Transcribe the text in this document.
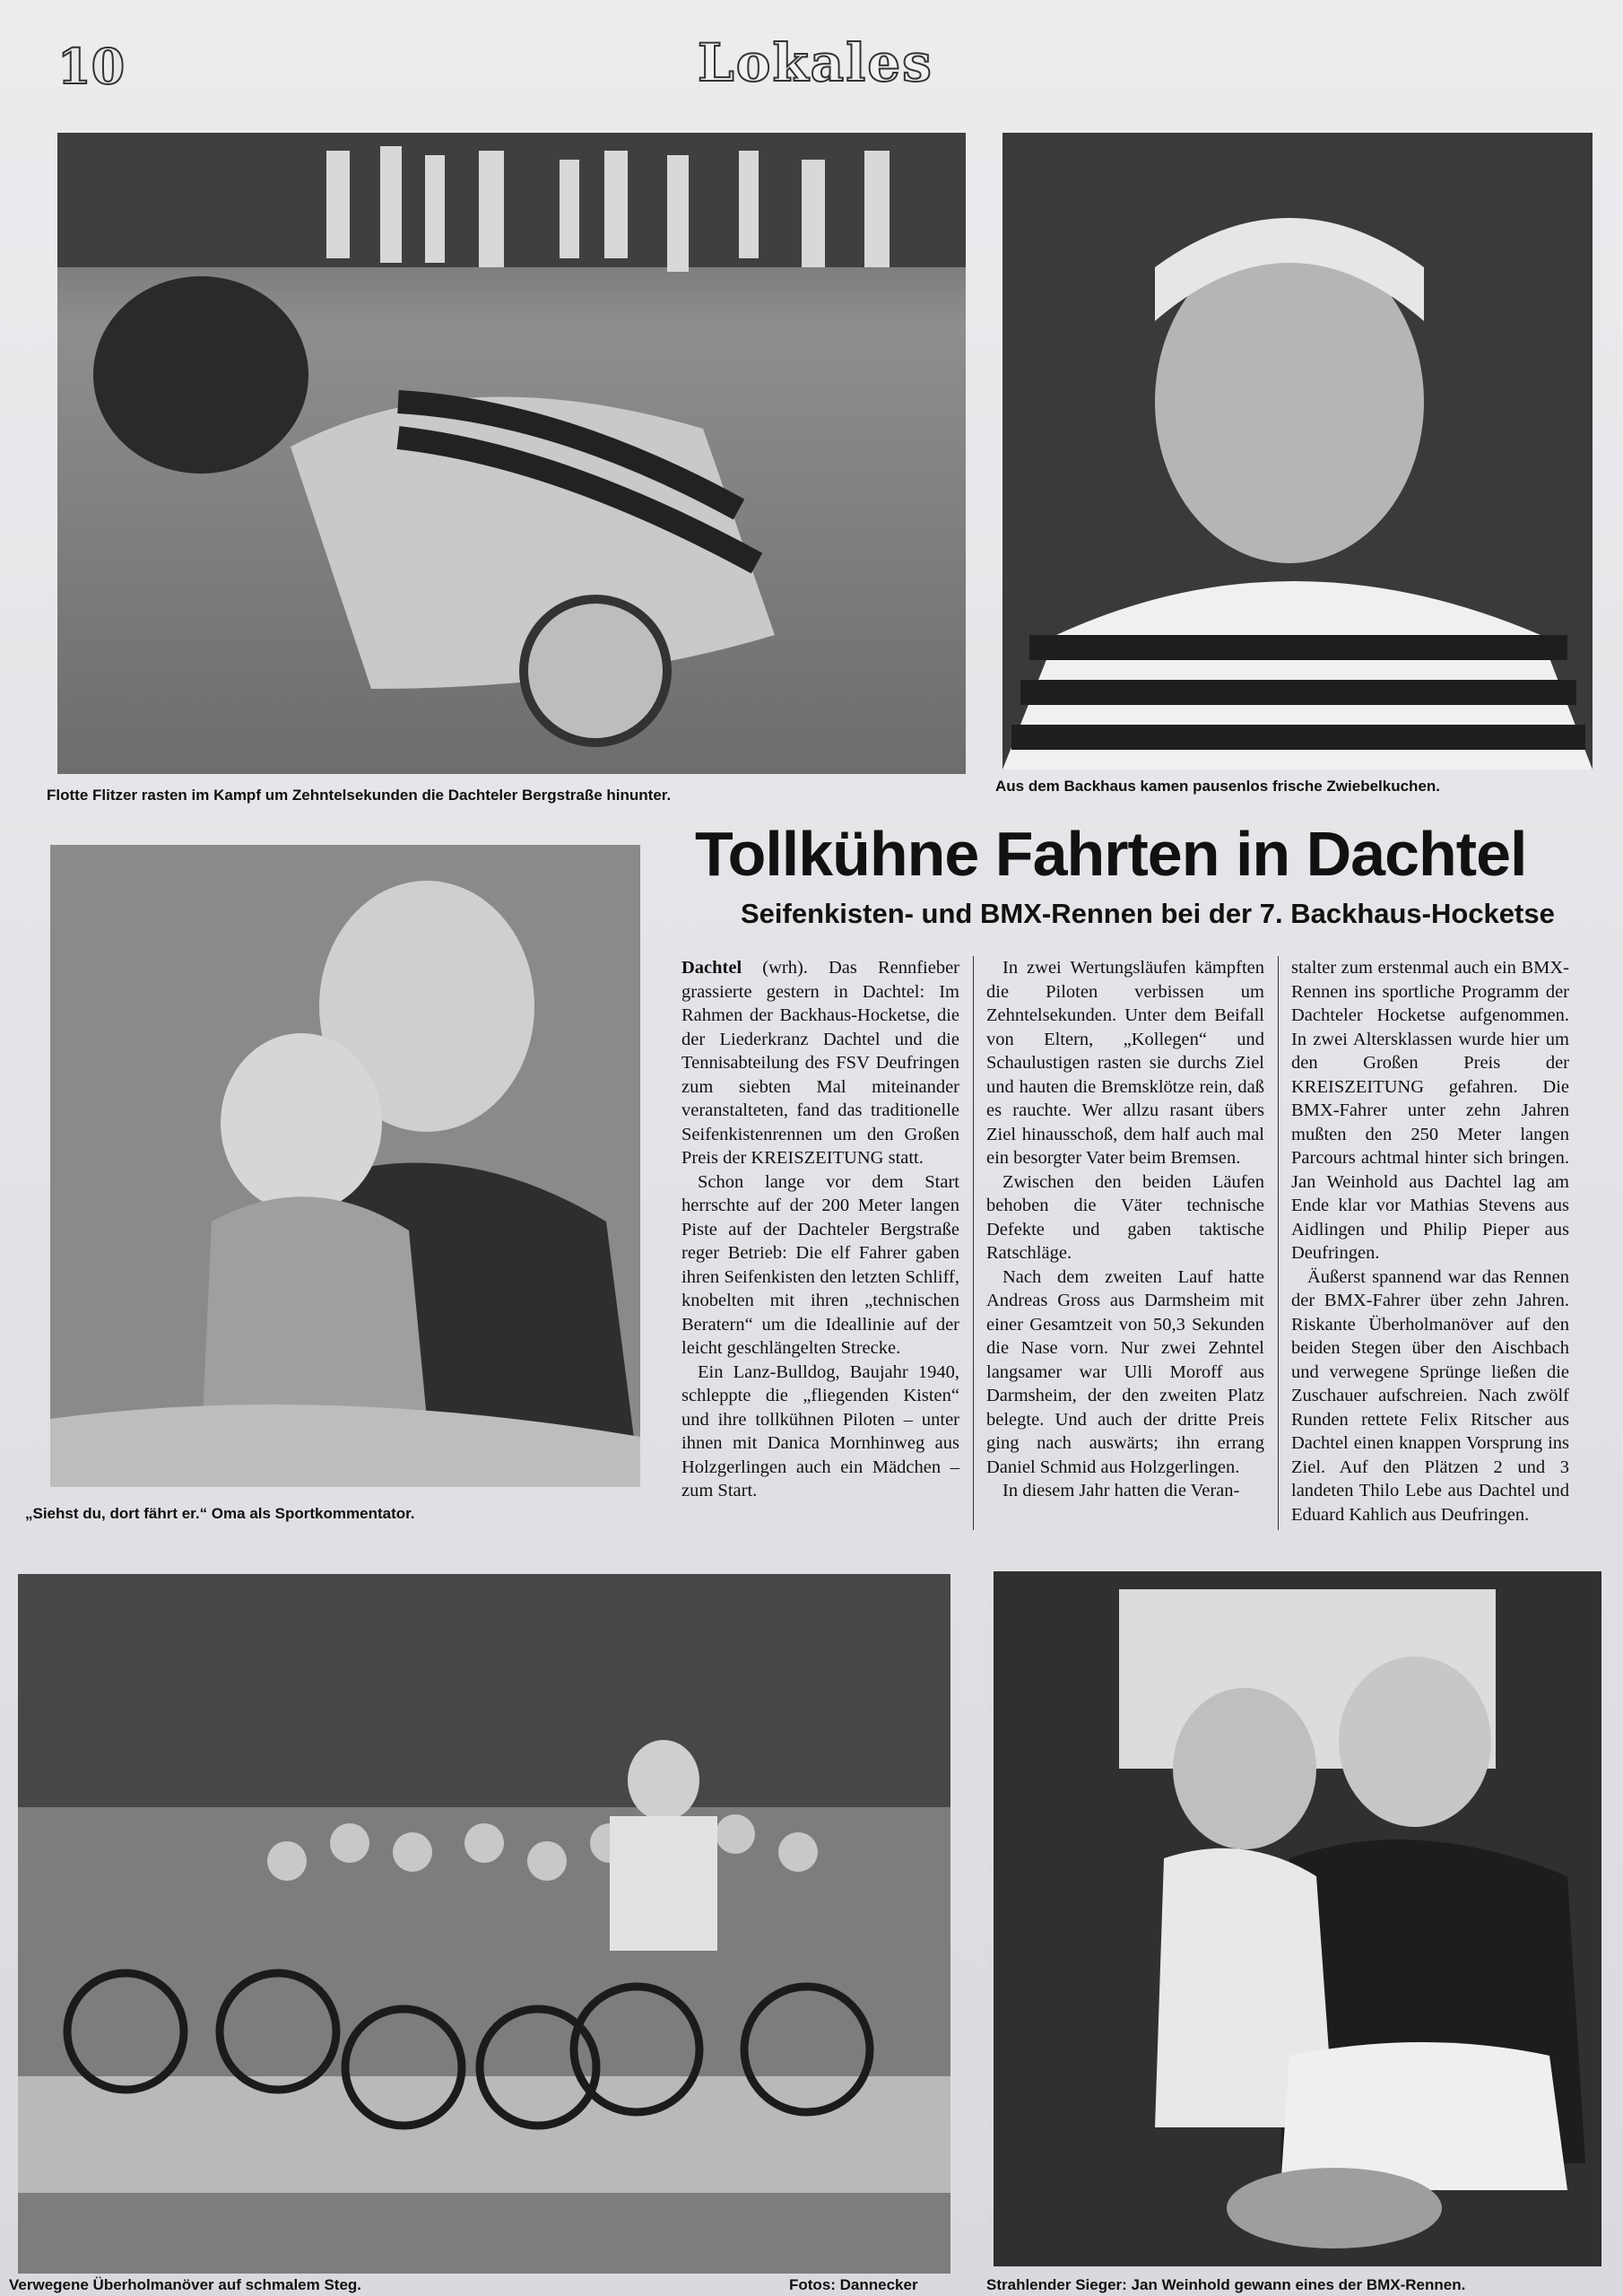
10	Lokales
Flotte Flitzer rasten im Kampf um Zehntelsekunden die Dachteler Bergstraße hinunter.
Aus dem Backhaus kamen pausenlos frische Zwiebelkuchen.
„Siehst du, dort fährt er.“ Oma als Sportkommentator.
Tollkühne Fahrten in Dachtel
Seifenkisten- und BMX-Rennen bei der 7. Backhaus-Hocketse

Dachtel (wrh). Das Rennfieber grassierte gestern in Dachtel: Im Rahmen der Backhaus-Hocketse, die der Liederkranz Dachtel und die Tennisabteilung des FSV Deufringen zum siebten Mal miteinander veranstalteten, fand das traditionelle Seifenkistenrennen um den Großen Preis der KREISZEITUNG statt.

Schon lange vor dem Start herrschte auf der 200 Meter langen Piste auf der Dachteler Bergstraße reger Betrieb: Die elf Fahrer gaben ihren Seifenkisten den letzten Schliff, knobelten mit ihren „technischen Beratern“ um die Ideallinie auf der leicht geschlängelten Strecke.

Ein Lanz-Bulldog, Baujahr 1940, schleppte die „fliegenden Kisten“ und ihre tollkühnen Piloten – unter ihnen mit Danica Mornhinweg aus Holzgerlingen auch ein Mädchen – zum Start.

In zwei Wertungsläufen kämpften die Piloten verbissen um Zehntelsekunden. Unter dem Beifall von Eltern, „Kollegen“ und Schaulustigen rasten sie durchs Ziel und hauten die Bremsklötze rein, daß es rauchte. Wer allzu rasant übers Ziel hinausschoß, dem half auch mal ein besorgter Vater beim Bremsen.

Zwischen den beiden Läufen behoben die Väter technische Defekte und gaben taktische Ratschläge.

Nach dem zweiten Lauf hatte Andreas Gross aus Darmsheim mit einer Gesamtzeit von 50,3 Sekunden die Nase vorn. Nur zwei Zehntel langsamer war Ulli Moroff aus Darmsheim, der den zweiten Platz belegte. Und auch der dritte Preis ging nach auswärts; ihn errang Daniel Schmid aus Holzgerlingen.

In diesem Jahr hatten die Veran-

stalter zum erstenmal auch ein BMX-Rennen ins sportliche Programm der Dachteler Hocketse aufgenommen. In zwei Altersklassen wurde hier um den Großen Preis der KREISZEITUNG gefahren. Die BMX-Fahrer unter zehn Jahren mußten den 250 Meter langen Parcours achtmal hinter sich bringen. Jan Weinhold aus Dachtel lag am Ende klar vor Mathias Stevens aus Aidlingen und Philip Pieper aus Deufringen.

Äußerst spannend war das Rennen der BMX-Fahrer über zehn Jahren. Riskante Überholmanöver auf den beiden Stegen über den Aischbach und verwegene Sprünge ließen die Zuschauer aufschreien. Nach zwölf Runden rettete Felix Ritscher aus Dachtel einen knappen Vorsprung ins Ziel. Auf den Plätzen 2 und 3 landeten Thilo Lebe aus Dachtel und Eduard Kahlich aus Deufringen.

Verwegene Überholmanöver auf schmalem Steg.	Fotos: Dannecker	Strahlender Sieger: Jan Weinhold gewann eines der BMX-Rennen.
